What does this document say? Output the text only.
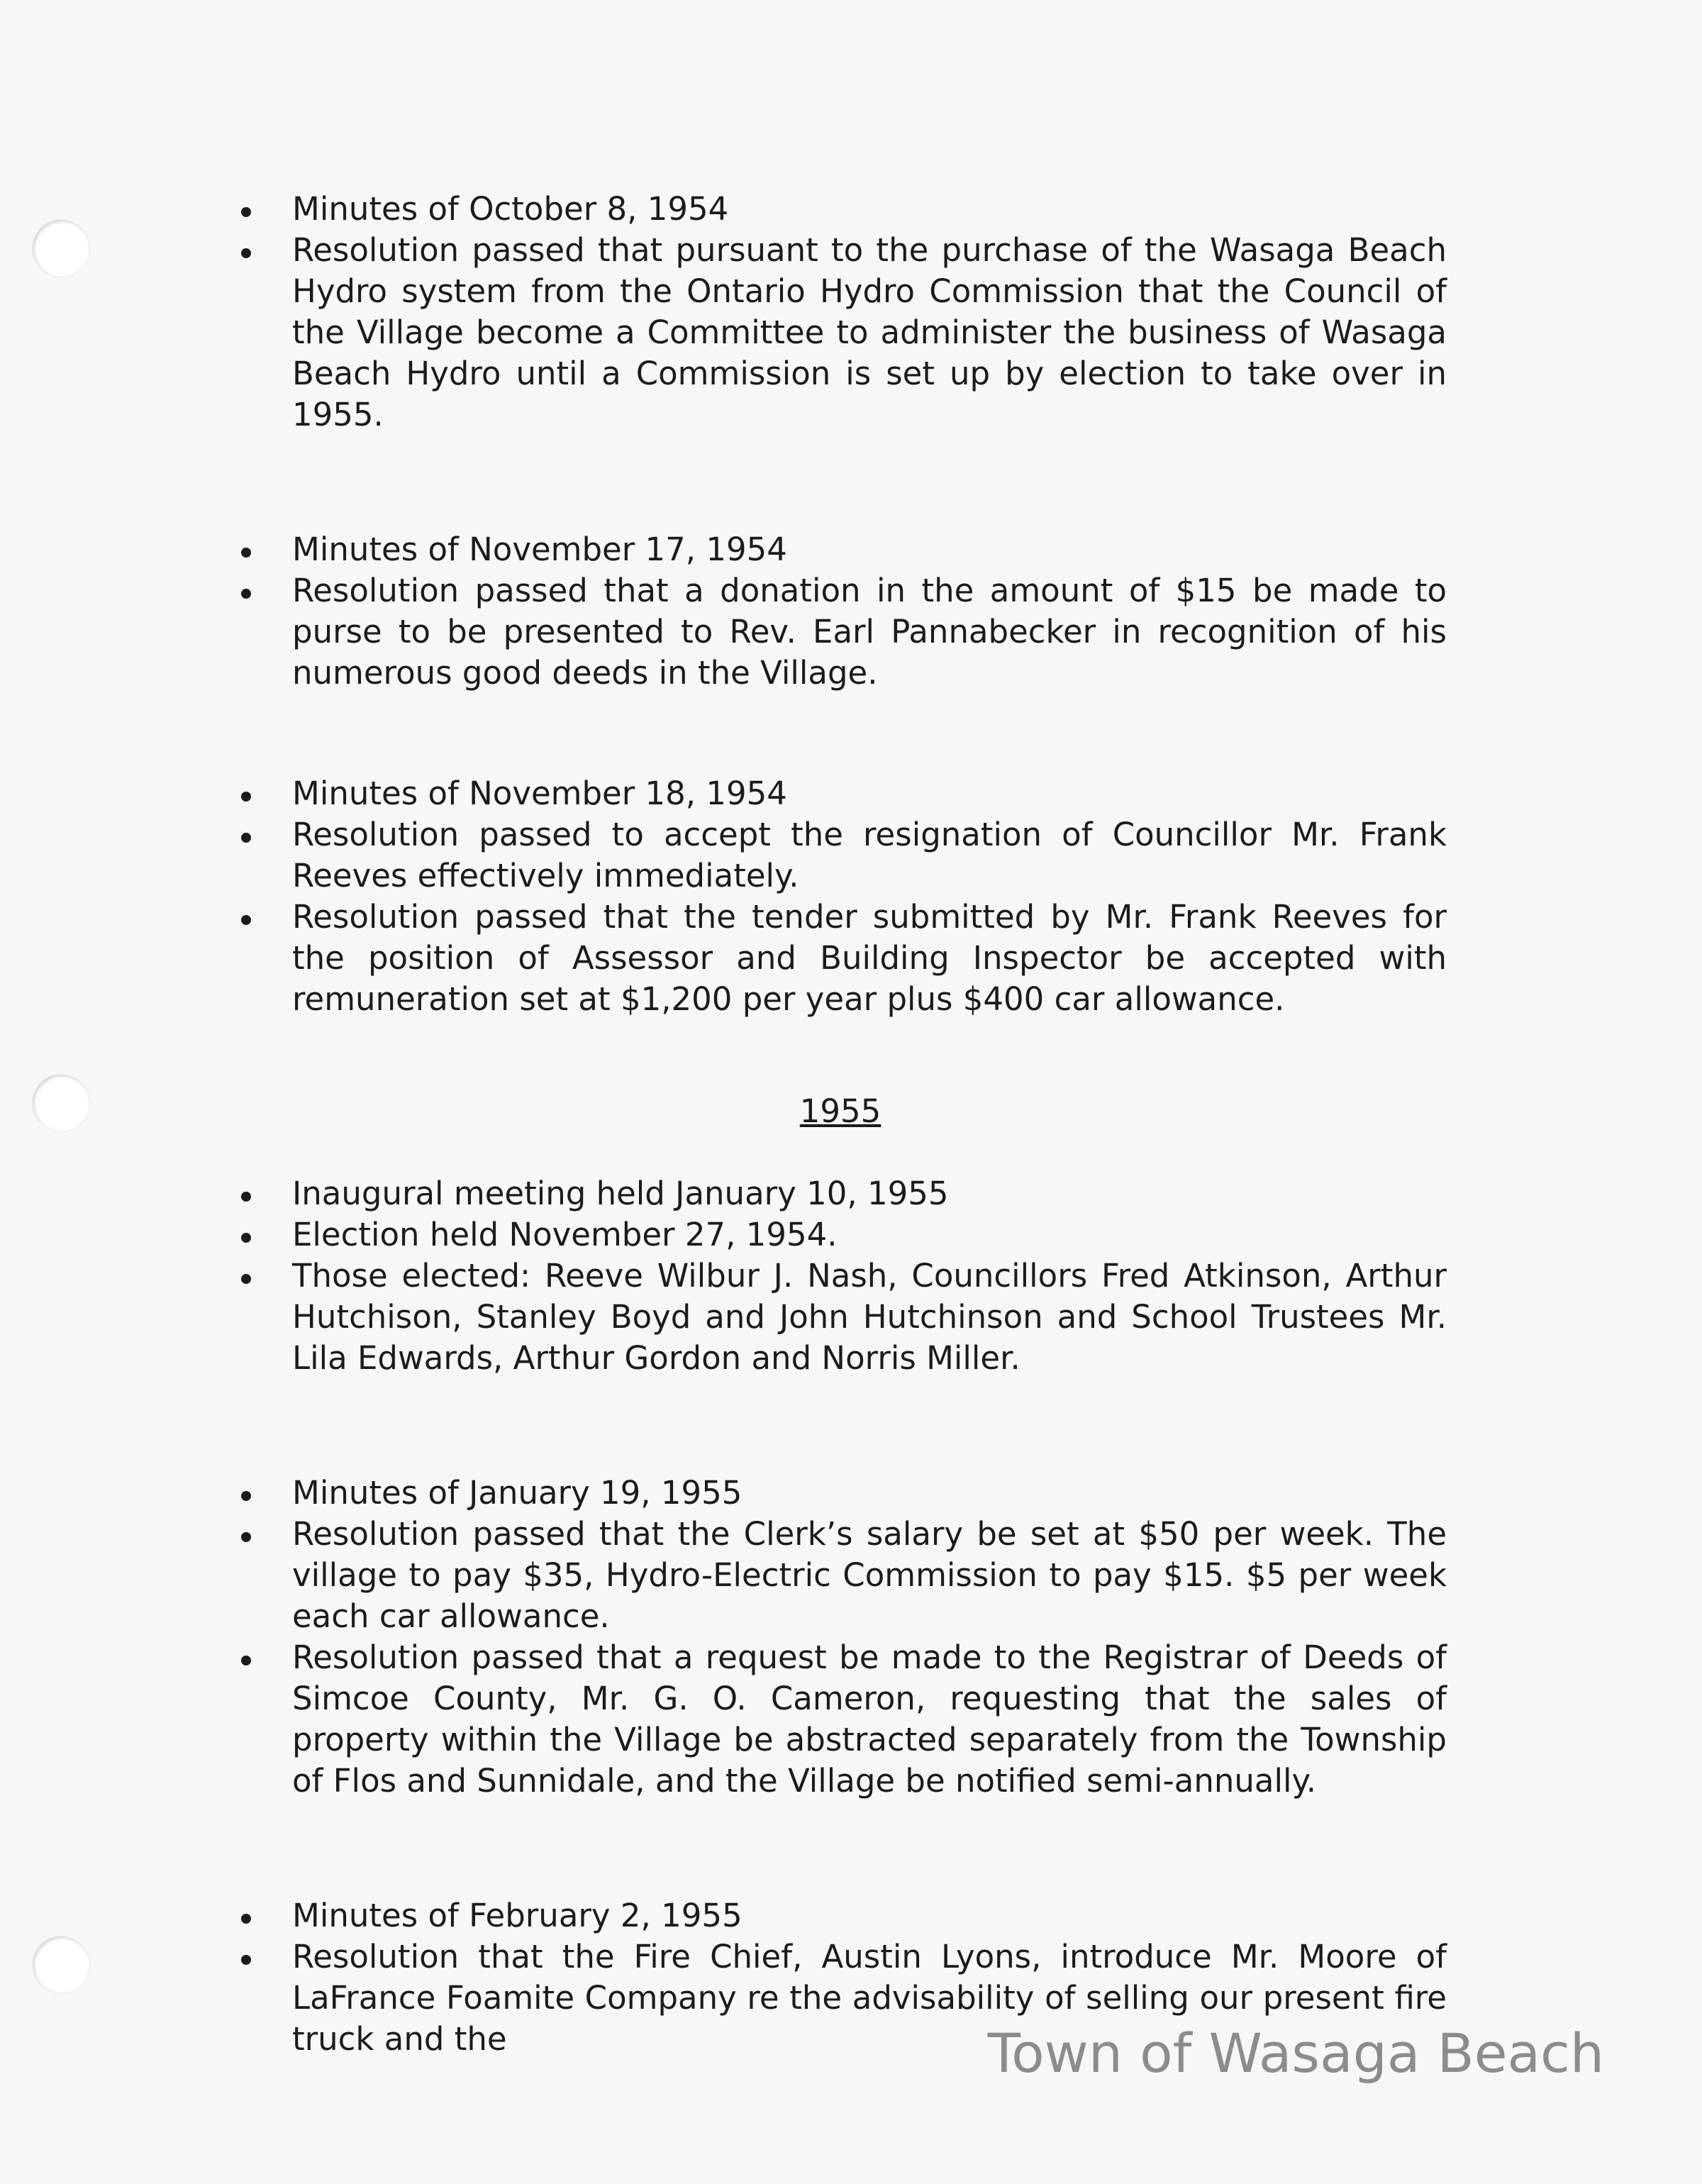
Minutes of October 8, 1954

Resolution passed that pursuant to the purchase of the Wasaga Beach Hydro system from the Ontario Hydro Commission that the Council of the Village become a Committee to administer the business of Wasaga Beach Hydro until a Commission is set up by election to take over in 1955.

Minutes of November 17, 1954

Resolution passed that a donation in the amount of $15 be made to purse to be presented to Rev. Earl Pannabecker in recognition of his numerous good deeds in the Village.

Minutes of November 18, 1954

Resolution passed to accept the resignation of Councillor Mr. Frank Reeves effectively immediately.

Resolution passed that the tender submitted by Mr. Frank Reeves for the position of Assessor and Building Inspector be accepted with remuneration set at $1,200 per year plus $400 car allowance.

1955

Inaugural meeting held January 10, 1955

Election held November 27, 1954.

Those elected: Reeve Wilbur J. Nash, Councillors Fred Atkinson, Arthur Hutchison, Stanley Boyd and John Hutchinson and School Trustees Mr. Lila Edwards, Arthur Gordon and Norris Miller.

Minutes of January 19, 1955

Resolution passed that the Clerk’s salary be set at $50 per week. The village to pay $35, Hydro-Electric Commission to pay $15. $5 per week each car allowance.

Resolution passed that a request be made to the Registrar of Deeds of Simcoe County, Mr. G. O. Cameron, requesting that the sales of property within the Village be abstracted separately from the Township of Flos and Sunnidale, and the Village be notified semi-annually.

Minutes of February 2, 1955

Resolution that the Fire Chief, Austin Lyons, introduce Mr. Moore of LaFrance Foamite Company re the advisability of selling our present fire truck and the	Town of Wasaga Beach
